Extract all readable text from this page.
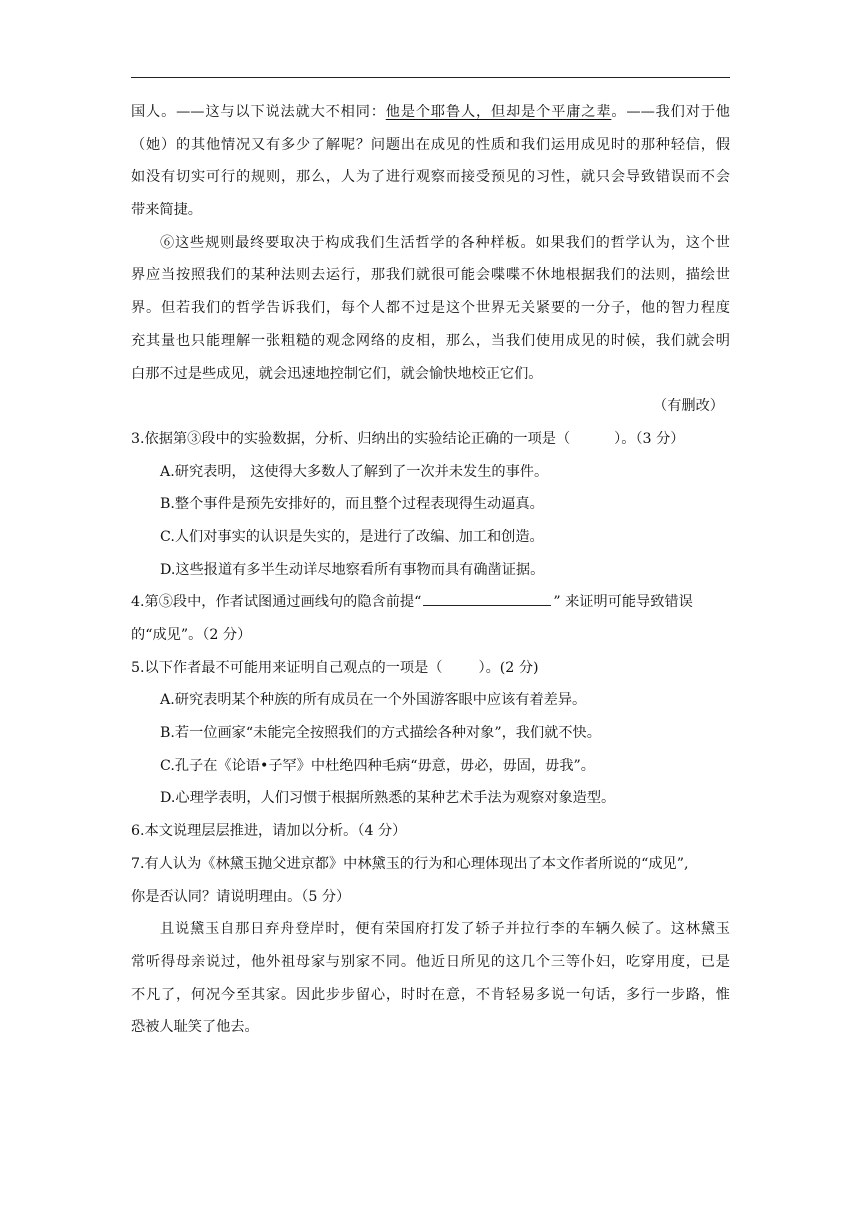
国人。——这与以下说法就大不相同：他是个耶鲁人，但却是个平庸之辈。——我们对于他
（她）的其他情况又有多少了解呢？问题出在成见的性质和我们运用成见时的那种轻信，假
如没有切实可行的规则，那么，人为了进行观察而接受预见的习性，就只会导致错误而不会
带来简捷。
⑥这些规则最终要取决于构成我们生活哲学的各种样板。如果我们的哲学认为，这个世
界应当按照我们的某种法则去运行，那我们就很可能会喋喋不休地根据我们的法则，描绘世
界。但若我们的哲学告诉我们，每个人都不过是这个世界无关紧要的一分子，他的智力程度
充其量也只能理解一张粗糙的观念网络的皮相，那么，当我们使用成见的时候，我们就会明
白那不过是些成见，就会迅速地控制它们，就会愉快地校正它们。
（有删改）
3.依据第③段中的实验数据，分析、归纳出的实验结论正确的一项是（	）。（3 分）
A.研究表明， 这使得大多数人了解到了一次并未发生的事件。
B.整个事件是预先安排好的，而且整个过程表现得生动逼真。
C.人们对事实的认识是失实的，是进行了改编、加工和创造。
D.这些报道有多半生动详尽地察看所有事物而具有确凿证据。
4.第⑤段中，作者试图通过画线句的隐含前提“	” 来证明可能导致错误
的“成见”。（2 分）
5.以下作者最不可能用来证明自己观点的一项是（	）。(2 分)
A.研究表明某个种族的所有成员在一个外国游客眼中应该有着差异。
B.若一位画家“未能完全按照我们的方式描绘各种对象”，我们就不快。
C.孔子在《论语•子罕》中杜绝四种毛病“毋意，毋必，毋固，毋我”。
D.心理学表明，人们习惯于根据所熟悉的某种艺术手法为观察对象造型。
6.本文说理层层推进，请加以分析。（4 分）
7.有人认为《林黛玉抛父进京都》中林黛玉的行为和心理体现出了本文作者所说的“成见”,
你是否认同？请说明理由。（5 分）
且说黛玉自那日弃舟登岸时，便有荣国府打发了轿子并拉行李的车辆久候了。这林黛玉
常听得母亲说过，他外祖母家与别家不同。他近日所见的这几个三等仆妇，吃穿用度，已是
不凡了，何况今至其家。因此步步留心，时时在意，不肯轻易多说一句话，多行一步路，惟
恐被人耻笑了他去。
